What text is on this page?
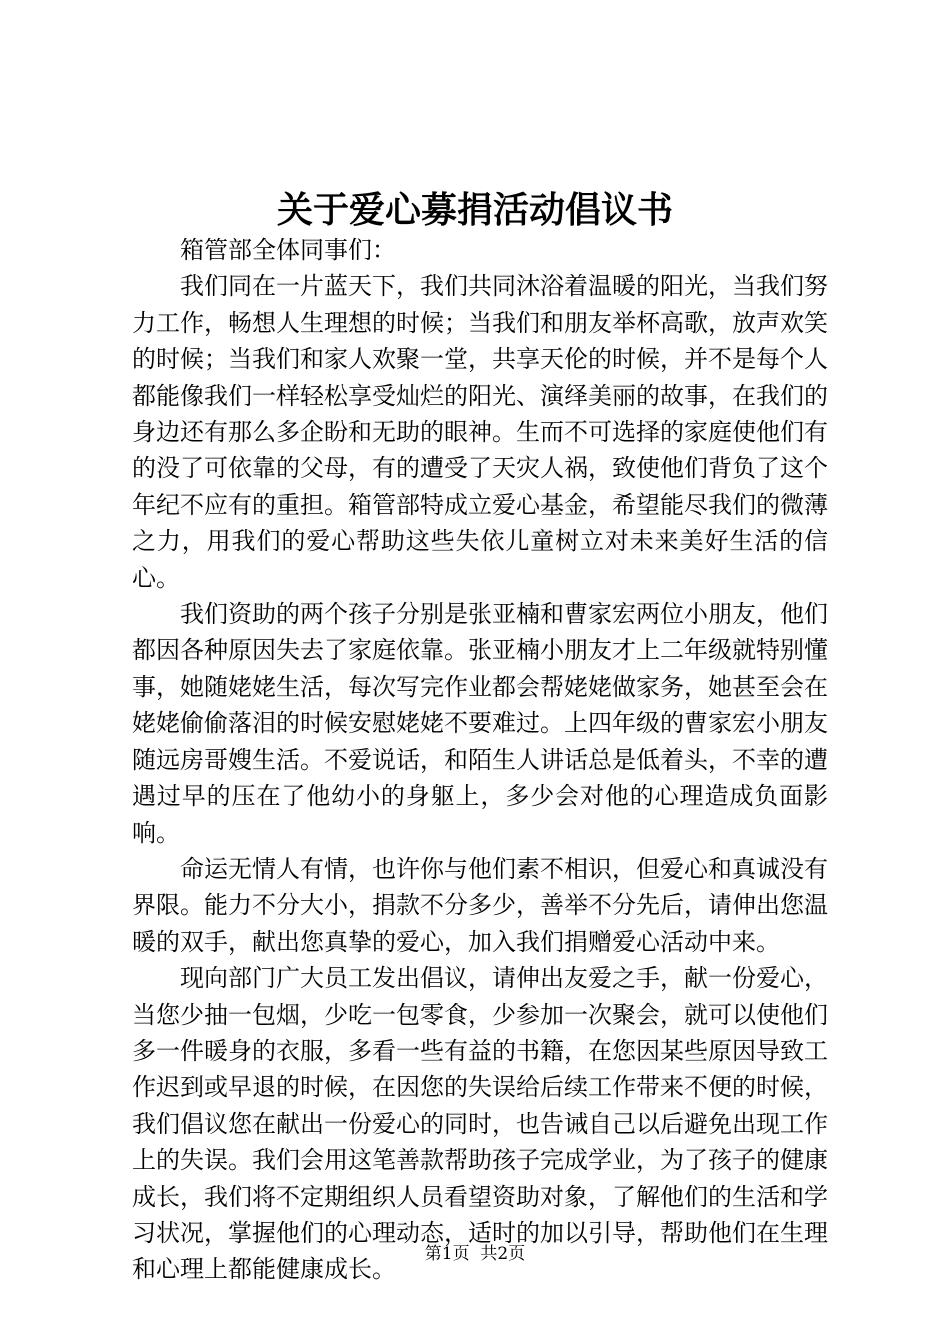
关于爱心募捐活动倡议书

箱管部全体同事们：

我们同在一片蓝天下，我们共同沐浴着温暖的阳光，当我们努力工作，畅想人生理想的时候；当我们和朋友举杯高歌，放声欢笑的时候；当我们和家人欢聚一堂，共享天伦的时候，并不是每个人都能像我们一样轻松享受灿烂的阳光、演绎美丽的故事，在我们的身边还有那么多企盼和无助的眼神。生而不可选择的家庭使他们有的没了可依靠的父母，有的遭受了天灾人祸，致使他们背负了这个年纪不应有的重担。箱管部特成立爱心基金，希望能尽我们的微薄之力，用我们的爱心帮助这些失依儿童树立对未来美好生活的信心。

我们资助的两个孩子分别是张亚楠和曹家宏两位小朋友，他们都因各种原因失去了家庭依靠。张亚楠小朋友才上二年级就特别懂事，她随姥姥生活，每次写完作业都会帮姥姥做家务，她甚至会在姥姥偷偷落泪的时候安慰姥姥不要难过。上四年级的曹家宏小朋友随远房哥嫂生活。不爱说话，和陌生人讲话总是低着头，不幸的遭遇过早的压在了他幼小的身躯上，多少会对他的心理造成负面影响。

命运无情人有情，也许你与他们素不相识，但爱心和真诚没有界限。能力不分大小，捐款不分多少，善举不分先后，请伸出您温暖的双手，献出您真挚的爱心，加入我们捐赠爱心活动中来。

现向部门广大员工发出倡议，请伸出友爱之手，献一份爱心，当您少抽一包烟，少吃一包零食，少参加一次聚会，就可以使他们多一件暖身的衣服，多看一些有益的书籍，在您因某些原因导致工作迟到或早退的时候，在因您的失误给后续工作带来不便的时候，我们倡议您在献出一份爱心的同时，也告诫自己以后避免出现工作上的失误。我们会用这笔善款帮助孩子完成学业，为了孩子的健康成长，我们将不定期组织人员看望资助对象，了解他们的生活和学习状况，掌握他们的心理动态，适时的加以引导，帮助他们在生理和心理上都能健康成长。

第1页  共2页
